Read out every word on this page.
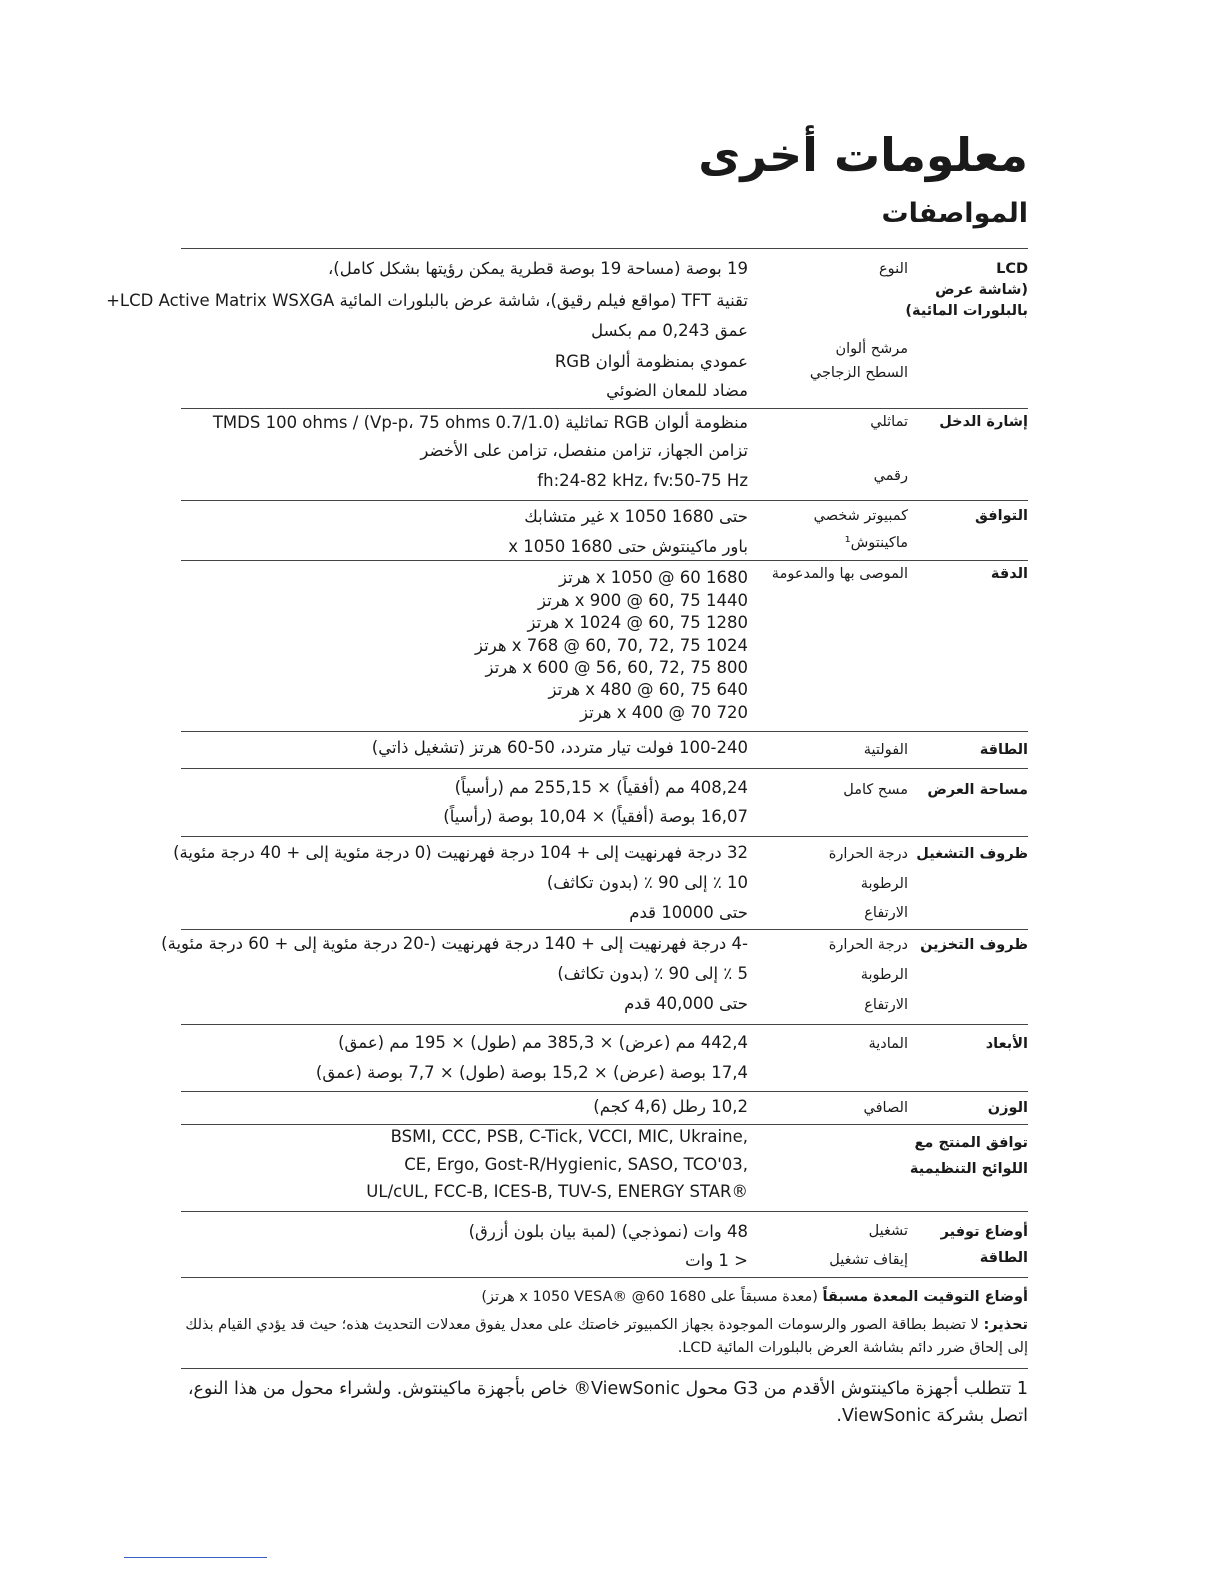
معلومات أخرى
المواصفات
LCD
(شاشة عرض
بالبلورات المائية)
النوع
مرشح ألوان
السطح الزجاجي
19 بوصة (مساحة 19 بوصة قطرية يمكن رؤيتها بشكل كامل)،
تقنية TFT (مواقع فيلم رقيق)، شاشة عرض بالبلورات المائية LCD Active Matrix WSXGA+
عمق 0,243 مم بكسل
عمودي بمنظومة ألوان RGB
مضاد للمعان الضوئي
إشارة الدخل
تماثلي
رقمي
منظومة ألوان RGB تماثلية (0.7/1.0 Vp-p، 75 ohms) / TMDS 100 ohms
تزامن الجهاز، تزامن منفصل، تزامن على الأخضر
fh:24-82 kHz، fv:50-75 Hz
التوافق
كمبيوتر شخصي
ماكينتوش¹
حتى 1680 x 1050 غير متشابك
باور ماكينتوش حتى 1680 x 1050
الدقة
الموصى بها والمدعومة
1680 x 1050 @ 60 هرتز
1440 x 900 @ 60, 75 هرتز
1280 x 1024 @ 60, 75 هرتز
1024 x 768 @ 60, 70, 72, 75 هرتز
800 x 600 @ 56, 60, 72, 75 هرتز
640 x 480 @ 60, 75 هرتز
720 x 400 @ 70 هرتز
الطاقة
الفولتية
100-240 فولت تيار متردد، 50-60 هرتز (تشغيل ذاتي)
مساحة العرض
مسح كامل
408,24 مم (أفقياً) × 255,15 مم (رأسياً)
16,07 بوصة (أفقياً) × 10,04 بوصة (رأسياً)
ظروف التشغيل
درجة الحرارة
الرطوبة
الارتفاع
32 درجة فهرنهيت إلى + 104 درجة فهرنهيت (0 درجة مئوية إلى + 40 درجة مئوية)
10 ٪ إلى 90 ٪ (بدون تكاثف)
حتى 10000 قدم
ظروف التخزين
درجة الحرارة
الرطوبة
الارتفاع
-4 درجة فهرنهيت إلى + 140 درجة فهرنهيت (-20 درجة مئوية إلى + 60 درجة مئوية)
5 ٪ إلى 90 ٪ (بدون تكاثف)
حتى 40,000 قدم
الأبعاد
المادية
442,4 مم (عرض) × 385,3 مم (طول) × 195 مم (عمق)
17,4 بوصة (عرض) × 15,2 بوصة (طول) × 7,7 بوصة (عمق)
الوزن
الصافي
10,2 رطل (4,6 كجم)
توافق المنتج مع
اللوائح التنظيمية
BSMI, CCC, PSB, C-Tick, VCCI, MIC, Ukraine,
CE, Ergo, Gost-R/Hygienic, SASO, TCO'03,
UL/cUL, FCC-B, ICES-B, TUV-S, ENERGY STAR®
أوضاع توفير
الطاقة
تشغيل
إيقاف تشغيل
48 وات (نموذجي) (لمبة بيان بلون أزرق)
< 1 وات
أوضاع التوقيت المعدة مسبقاً (معدة مسبقاً على 1680 x 1050 VESA® @60 هرتز)
تحذير: لا تضبط بطاقة الصور والرسومات الموجودة بجهاز الكمبيوتر خاصتك على معدل يفوق معدلات التحديث هذه؛ حيث قد يؤدي القيام بذلك إلى إلحاق ضرر دائم بشاشة العرض بالبلورات المائية LCD.
1 تتطلب أجهزة ماكينتوش الأقدم من G3 محول ViewSonic® خاص بأجهزة ماكينتوش. ولشراء محول من هذا النوع،
اتصل بشركة ViewSonic.
